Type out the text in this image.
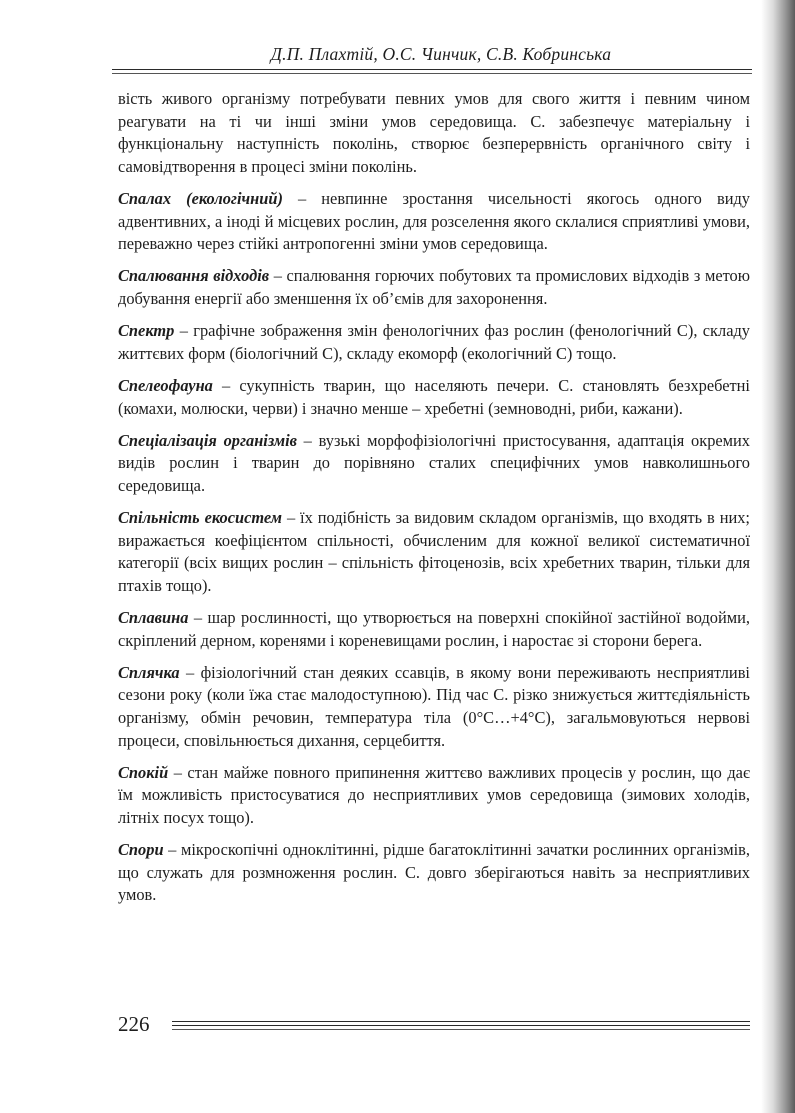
Д.П. Плахтій, О.С. Чинчик, С.В. Кобринська

вість живого організму потребувати певних умов для свого життя і певним чином реагувати на ті чи інші зміни умов середовища. С. забезпечує матеріальну і функціональну наступність поколінь, створює безперервність органічного світу і самовідтворення в процесі зміни поколінь.

Спалах (екологічний) – невпинне зростання чисельності якогось одного виду адвентивних, а іноді й місцевих рослин, для розселення якого склалися сприятливі умови, переважно через стійкі антропогенні зміни умов середовища.

Спалювання відходів – спалювання горючих побутових та промислових відходів з метою добування енергії або зменшення їх об’ємів для захоронення.

Спектр – графічне зображення змін фенологічних фаз рослин (фенологічний С), складу життєвих форм (біологічний С), складу екоморф (екологічний С) тощо.

Спелеофауна – сукупність тварин, що населяють печери. С. становлять безхребетні (комахи, молюски, черви) і значно менше – хребетні (земноводні, риби, кажани).

Спеціалізація організмів – вузькі морфофізіологічні пристосування, адаптація окремих видів рослин і тварин до порівняно сталих специфічних умов навколишнього середовища.

Спільність екосистем – їх подібність за видовим складом організмів, що входять в них; виражається коефіцієнтом спільності, обчисленим для кожної великої систематичної категорії (всіх вищих рослин – спільність фітоценозів, всіх хребетних тварин, тільки для птахів тощо).

Сплавина – шар рослинності, що утворюється на поверхні спокійної застійної водойми, скріплений дерном, коренями і кореневищами рослин, і наростає зі сторони берега.

Сплячка – фізіологічний стан деяких ссавців, в якому вони переживають несприятливі сезони року (коли їжа стає малодоступною). Під час С. різко знижується життєдіяльність організму, обмін речовин, температура тіла (0°С…+4°С), загальмовуються нервові процеси, сповільнюється дихання, серцебиття.

Спокій – стан майже повного припинення життєво важливих процесів у рослин, що дає їм можливість пристосуватися до несприятливих умов середовища (зимових холодів, літніх посух тощо).

Спори – мікроскопічні одноклітинні, рідше багатоклітинні зачатки рослинних організмів, що служать для розмноження рослин. С. довго зберігаються навіть за несприятливих умов.

226
